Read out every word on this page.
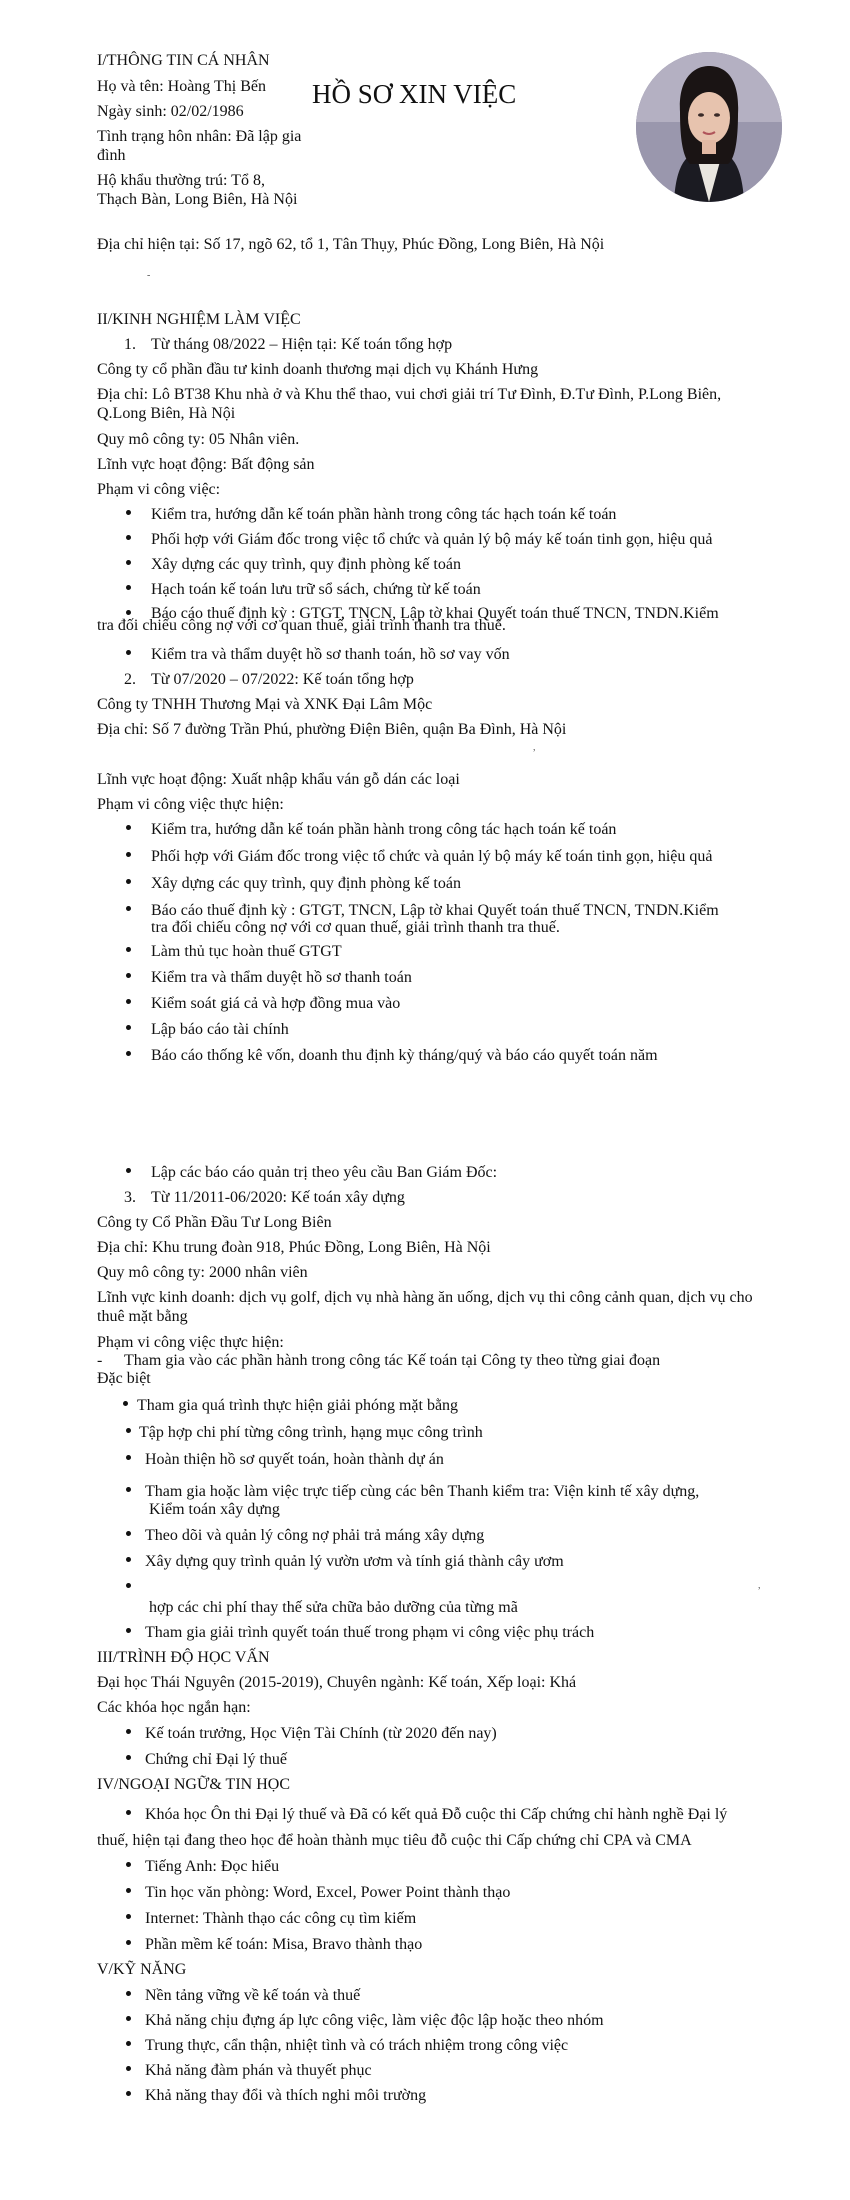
I/THÔNG TIN CÁ NHÂN
HỒ SƠ XIN VIỆC
Họ và tên: Hoàng Thị Bến
Ngày sinh: 02/02/1986
Tình trạng hôn nhân: Đã lập gia đình
Hộ khẩu thường trú: Tổ 8, Thạch Bàn, Long Biên, Hà Nội
Địa chỉ hiện tại: Số 17, ngõ 62, tổ 1, Tân Thụy, Phúc Đồng, Long Biên, Hà Nội
-
II/KINH NGHIỆM LÀM VIỆC
1. Từ tháng 08/2022 – Hiện tại: Kế toán tổng hợp
Công ty cổ phần đầu tư kinh doanh thương mại dịch vụ Khánh Hưng
Địa chỉ: Lô BT38 Khu nhà ở và Khu thể thao, vui chơi giải trí Tư Đình, Đ.Tư Đình, P.Long Biên, Q.Long Biên, Hà Nội
Quy mô công ty: 05 Nhân viên.
Lĩnh vực hoạt động: Bất động sản
Phạm vi công việc:
Kiểm tra, hướng dẫn kế toán phần hành trong công tác hạch toán kế toán
Phối hợp với Giám đốc trong việc tổ chức và quản lý bộ máy kế toán tinh gọn, hiệu quả
Xây dựng các quy trình, quy định phòng kế toán
Hạch toán kế toán lưu trữ sổ sách, chứng từ kế toán
Báo cáo thuế định kỳ : GTGT, TNCN, Lập tờ khai Quyết toán thuế TNCN, TNDN.Kiểm
tra đối chiếu công nợ với cơ quan thuế, giải trình thanh tra thuế.
Kiểm tra và thẩm duyệt hồ sơ thanh toán, hồ sơ vay vốn
2. Từ 07/2020 – 07/2022: Kế toán tổng hợp
Công ty TNHH Thương Mại và XNK Đại Lâm Mộc
Địa chỉ: Số 7 đường Trần Phú, phường Điện Biên, quận Ba Đình, Hà Nội
,
Lĩnh vực hoạt động: Xuất nhập khẩu ván gỗ dán các loại
Phạm vi công việc thực hiện:
Kiểm tra, hướng dẫn kế toán phần hành trong công tác hạch toán kế toán
Phối hợp với Giám đốc trong việc tổ chức và quản lý bộ máy kế toán tinh gọn, hiệu quả
Xây dựng các quy trình, quy định phòng kế toán
Báo cáo thuế định kỳ : GTGT, TNCN, Lập tờ khai Quyết toán thuế TNCN, TNDN.Kiểm
tra đối chiếu công nợ với cơ quan thuế, giải trình thanh tra thuế.
Làm thủ tục hoàn thuế GTGT
Kiểm tra và thẩm duyệt hồ sơ thanh toán
Kiểm soát giá cả và hợp đồng mua vào
Lập báo cáo tài chính
Báo cáo thống kê vốn, doanh thu định kỳ tháng/quý và báo cáo quyết toán năm
Lập các báo cáo quản trị theo yêu cầu Ban Giám Đốc:
3. Từ 11/2011-06/2020: Kế toán xây dựng
Công ty Cổ Phần Đầu Tư Long Biên
Địa chỉ: Khu trung đoàn 918, Phúc Đồng, Long Biên, Hà Nội
Quy mô công ty: 2000 nhân viên
Lĩnh vực kinh doanh: dịch vụ golf, dịch vụ nhà hàng ăn uống, dịch vụ thi công cảnh quan, dịch vụ cho thuê mặt bằng
Phạm vi công việc thực hiện:
- Tham gia vào các phần hành trong công tác Kế toán tại Công ty theo từng giai đoạn
Đặc biệt
Tham gia quá trình thực hiện giải phóng mặt bằng
Tập hợp chi phí từng công trình, hạng mục công trình
Hoàn thiện hồ sơ quyết toán, hoàn thành dự án
Tham gia hoặc làm việc trực tiếp cùng các bên Thanh kiểm tra: Viện kinh tế xây dựng,
Kiểm toán xây dựng
Theo dõi và quản lý công nợ phải trả máng xây dựng
Xây dựng quy trình quản lý vườn ươm và tính giá thành cây ươm
,
hợp các chi phí thay thế sửa chữa bảo dưỡng của từng mã
Tham gia giải trình quyết toán thuế trong phạm vi công việc phụ trách
III/TRÌNH ĐỘ HỌC VẤN
Đại học Thái Nguyên (2015-2019), Chuyên ngành: Kế toán, Xếp loại: Khá
Các khóa học ngắn hạn:
Kế toán trưởng, Học Viện Tài Chính (từ 2020 đến nay)
Chứng chỉ Đại lý thuế
IV/NGOẠI NGỮ& TIN HỌC
Khóa học Ôn thi Đại lý thuế và Đã có kết quả Đỗ cuộc thi Cấp chứng chỉ hành nghề Đại lý
thuế, hiện tại đang theo học để hoàn thành mục tiêu đỗ cuộc thi Cấp chứng chỉ CPA và CMA
Tiếng Anh: Đọc hiểu
Tin học văn phòng: Word, Excel, Power Point thành thạo
Internet: Thành thạo các công cụ tìm kiếm
Phần mềm kế toán: Misa, Bravo thành thạo
V/KỸ NĂNG
Nền tảng vững về kế toán và thuế
Khả năng chịu đựng áp lực công việc, làm việc độc lập hoặc theo nhóm
Trung thực, cẩn thận, nhiệt tình và có trách nhiệm trong công việc
Khả năng đàm phán và thuyết phục
Khả năng thay đổi và thích nghi môi trường
